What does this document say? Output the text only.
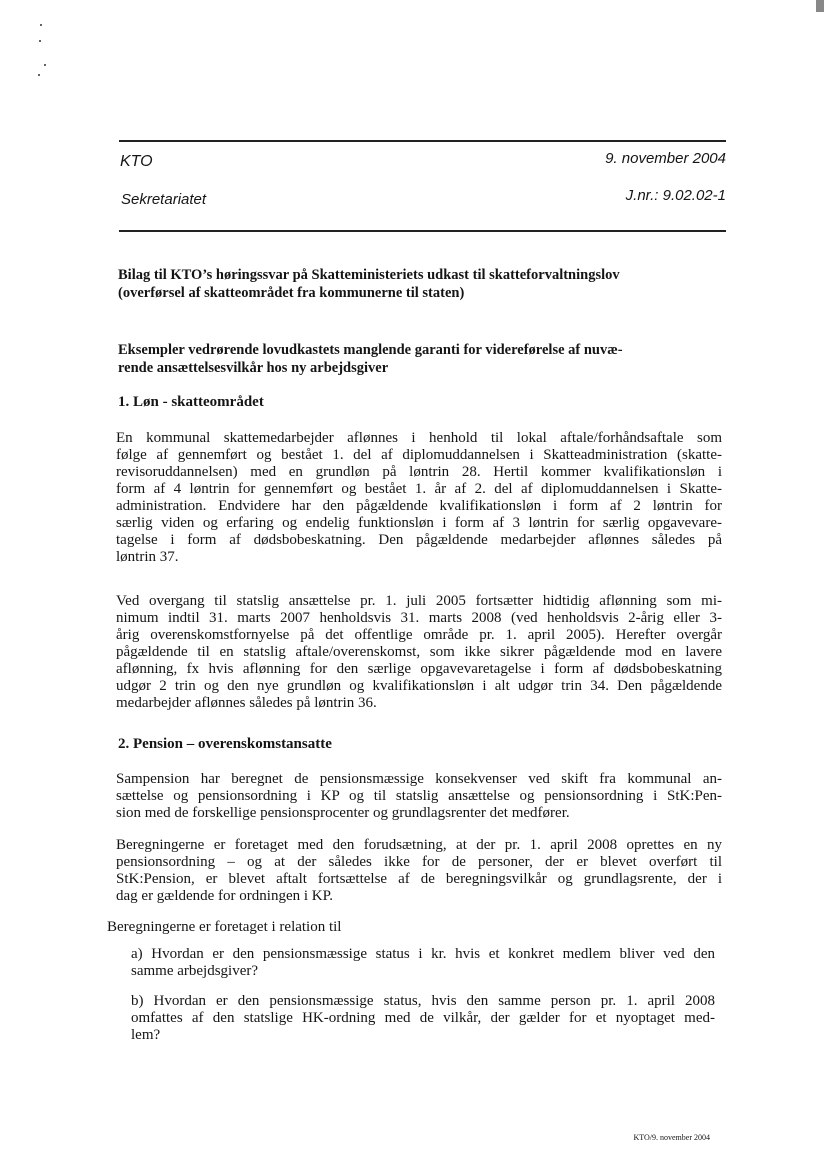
KTO	9. november 2004
Sekretariatet	J.nr.: 9.02.02-1
Bilag til KTO’s høringssvar på Skatteministeriets udkast til skatteforvaltningslov
(overførsel af skatteområdet fra kommunerne til staten)
Eksempler vedrørende lovudkastets manglende garanti for videreførelse af nuvæ-
rende ansættelsesvilkår hos ny arbejdsgiver
1. Løn - skatteområdet
En kommunal skattemedarbejder aflønnes i henhold til lokal aftale/forhåndsaftale som
følge af gennemført og bestået 1. del af diplomuddannelsen i Skatteadministration (skatte-
revisoruddannelsen) med en grundløn på løntrin 28. Hertil kommer kvalifikationsløn i
form af 4 løntrin for gennemført og bestået 1. år af 2. del af diplomuddannelsen i Skatte-
administration. Endvidere har den pågældende kvalifikationsløn i form af 2 løntrin for
særlig viden og erfaring og endelig funktionsløn i form af 3 løntrin for særlig opgavevare-
tagelse i form af dødsbobeskatning. Den pågældende medarbejder aflønnes således på
løntrin 37.
Ved overgang til statslig ansættelse pr. 1. juli 2005 fortsætter hidtidig aflønning som mi-
nimum indtil 31. marts 2007 henholdsvis 31. marts 2008 (ved henholdsvis 2-årig eller 3-
årig overenskomstfornyelse på det offentlige område pr. 1. april 2005). Herefter overgår
pågældende til en statslig aftale/overenskomst, som ikke sikrer pågældende mod en lavere
aflønning, fx hvis aflønning for den særlige opgavevaretagelse i form af dødsbobeskatning
udgør 2 trin og den nye grundløn og kvalifikationsløn i alt udgør trin 34. Den pågældende
medarbejder aflønnes således på løntrin 36.
2. Pension – overenskomstansatte
Sampension har beregnet de pensionsmæssige konsekvenser ved skift fra kommunal an-
sættelse og pensionsordning i KP og til statslig ansættelse og pensionsordning i StK:Pen-
sion med de forskellige pensionsprocenter og grundlagsrenter det medfører.
Beregningerne er foretaget med den forudsætning, at der pr. 1. april 2008 oprettes en ny
pensionsordning – og at der således ikke for de personer, der er blevet overført til
StK:Pension, er blevet aftalt fortsættelse af de beregningsvilkår og grundlagsrente, der i
dag er gældende for ordningen i KP.
Beregningerne er foretaget i relation til
a) Hvordan er den pensionsmæssige status i kr. hvis et konkret medlem bliver ved den
samme arbejdsgiver?
b) Hvordan er den pensionsmæssige status, hvis den samme person pr. 1. april 2008
omfattes af den statslige HK-ordning med de vilkår, der gælder for et nyoptaget med-
lem?
KTO/9. november 2004
